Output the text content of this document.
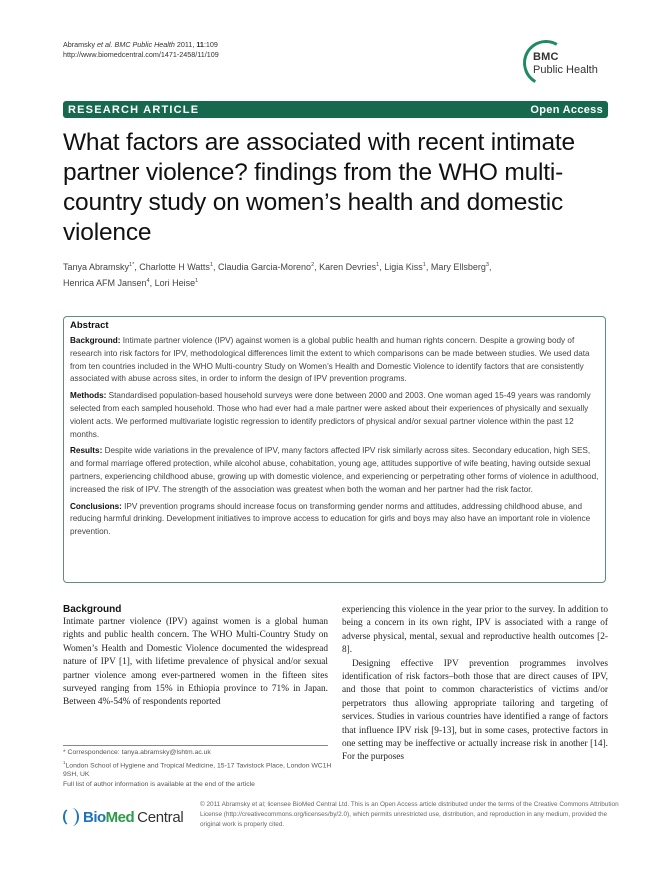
Abramsky et al. BMC Public Health 2011, 11:109
http://www.biomedcentral.com/1471-2458/11/109	BMC
Public Health
RESEARCH ARTICLE	Open Access
What factors are associated with recent intimate partner violence? findings from the WHO multi-country study on women’s health and domestic violence
Tanya Abramsky$^{1*}$, Charlotte H Watts$^1$, Claudia Garcia-Moreno$^2$, Karen Devries$^1$, Ligia Kiss$^1$, Mary Ellsberg$^3$,
Henrica AFM Jansen$^4$, Lori Heise$^1$
Abstract

Background: Intimate partner violence (IPV) against women is a global public health and human rights concern. Despite a growing body of research into risk factors for IPV, methodological differences limit the extent to which comparisons can be made between studies. We used data from ten countries included in the WHO Multi-country Study on Women’s Health and Domestic Violence to identify factors that are consistently associated with abuse across sites, in order to inform the design of IPV prevention programs.

Methods: Standardised population-based household surveys were done between 2000 and 2003. One woman aged 15-49 years was randomly selected from each sampled household. Those who had ever had a male partner were asked about their experiences of physically and sexually violent acts. We performed multivariate logistic regression to identify predictors of physical and/or sexual partner violence within the past 12 months.

Results: Despite wide variations in the prevalence of IPV, many factors affected IPV risk similarly across sites. Secondary education, high SES, and formal marriage offered protection, while alcohol abuse, cohabitation, young age, attitudes supportive of wife beating, having outside sexual partners, experiencing childhood abuse, growing up with domestic violence, and experiencing or perpetrating other forms of violence in adulthood, increased the risk of IPV. The strength of the association was greatest when both the woman and her partner had the risk factor.

Conclusions: IPV prevention programs should increase focus on transforming gender norms and attitudes, addressing childhood abuse, and reducing harmful drinking. Development initiatives to improve access to education for girls and boys may also have an important role in violence prevention.

Background

Intimate partner violence (IPV) against women is a global human rights and public health concern. The WHO Multi-Country Study on Women’s Health and Domestic Violence documented the widespread nature of IPV [1], with lifetime prevalence of physical and/or sexual partner violence among ever-partnered women in the fifteen sites surveyed ranging from 15% in Ethiopia province to 71% in Japan. Between 4%-54% of respondents reported

experiencing this violence in the year prior to the survey. In addition to being a concern in its own right, IPV is associated with a range of adverse physical, mental, sexual and reproductive health outcomes [2-8].

Designing effective IPV prevention programmes involves identification of risk factors–both those that are direct causes of IPV, and those that point to common characteristics of victims and/or perpetrators thus allowing appropriate tailoring and targeting of services. Studies in various countries have identified a range of factors that influence IPV risk [9-13], but in some cases, protective factors in one setting may be ineffective or actually increase risk in another [14]. For the purposes

* Correspondence: tanya.abramsky@lshtm.ac.uk
$^1$London School of Hygiene and Tropical Medicine, 15-17 Tavistock Place, London WC1H 9SH, UK
Full list of author information is available at the end of the article
Bio Med Central
© 2011 Abramsky et al; licensee BioMed Central Ltd. This is an Open Access article distributed under the terms of the Creative Commons Attribution License (http://creativecommons.org/licenses/by/2.0), which permits unrestricted use, distribution, and reproduction in any medium, provided the original work is properly cited.
